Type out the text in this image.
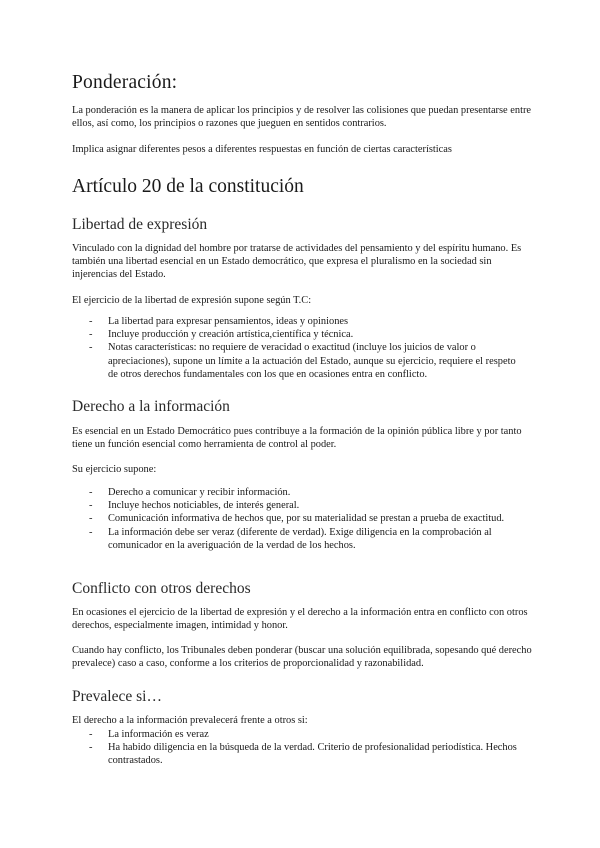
Ponderación:

La ponderación es la manera de aplicar los principios y de resolver las colisiones que puedan presentarse entre ellos, así como, los principios o razones que jueguen en sentidos contrarios.

Implica asignar diferentes pesos a diferentes respuestas en función de ciertas características

Artículo 20 de la constitución
Libertad de expresión

Vinculado con la dignidad del hombre por tratarse de actividades del pensamiento y del espíritu humano. Es también una libertad esencial en un Estado democrático, que expresa el pluralismo en la sociedad sin injerencias del Estado.

El ejercicio de la libertad de expresión supone según T.C:

- La libertad para expresar pensamientos, ideas y opiniones
- Incluye producción y creación artística,científica y técnica.
- Notas características: no requiere de veracidad o exactitud (incluye los juicios de valor o apreciaciones), supone un límite a la actuación del Estado, aunque su ejercicio, requiere el respeto de otros derechos fundamentales con los que en ocasiones entra en conflicto.
Derecho a la información

Es esencial en un Estado Democrático pues contribuye a la formación de la opinión pública libre y por tanto tiene un función esencial como herramienta de control al poder.

Su ejercicio supone:

- Derecho a comunicar y recibir información.
- Incluye hechos noticiables, de interés general.
- Comunicación informativa de hechos que, por su materialidad se prestan a prueba de exactitud.
- La información debe ser veraz (diferente de verdad). Exige diligencia en la comprobación al comunicador en la averiguación de la verdad de los hechos.
Conflicto con otros derechos

En ocasiones el ejercicio de la libertad de expresión y el derecho a la información entra en conflicto con otros derechos, especialmente imagen, intimidad y honor.

Cuando hay conflicto, los Tribunales deben ponderar (buscar una solución equilibrada, sopesando qué derecho prevalece) caso a caso, conforme a los criterios de proporcionalidad y razonabilidad.

Prevalece si…

El derecho a la información prevalecerá frente a otros si:

- La información es veraz
- Ha habido diligencia en la búsqueda de la verdad. Criterio de profesionalidad periodística. Hechos contrastados.
